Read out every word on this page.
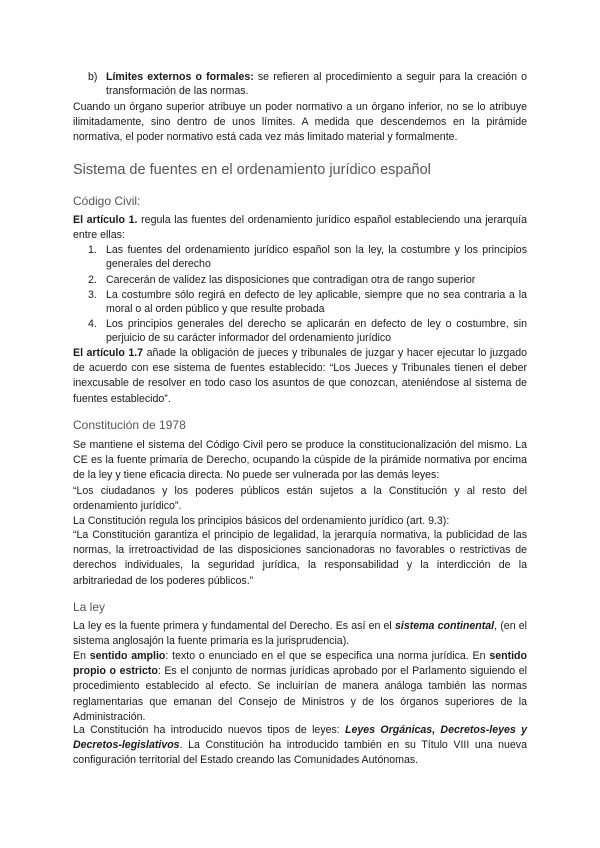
b) Límites externos o formales: se refieren al procedimiento a seguir para la creación o transformación de las normas.

Cuando un órgano superior atribuye un poder normativo a un órgano inferior, no se lo atribuye ilimitadamente, sino dentro de unos límites. A medida que descendemos en la pirámide normativa, el poder normativo está cada vez más limitado material y formalmente.

Sistema de fuentes en el ordenamiento jurídico español
Código Civil:

El artículo 1. regula las fuentes del ordenamiento jurídico español estableciendo una jerarquía entre ellas:

1. Las fuentes del ordenamiento jurídico español son la ley, la costumbre y los principios generales del derecho

2. Carecerán de validez las disposiciones que contradigan otra de rango superior

3. La costumbre sólo regirá en defecto de ley aplicable, siempre que no sea contraria a la moral o al orden público y que resulte probada

4. Los principios generales del derecho se aplicarán en defecto de ley o costumbre, sin perjuicio de su carácter informador del ordenamiento jurídico

El artículo 1.7 añade la obligación de jueces y tribunales de juzgar y hacer ejecutar lo juzgado de acuerdo con ese sistema de fuentes establecido: “Los Jueces y Tribunales tienen el deber inexcusable de resolver en todo caso los asuntos de que conozcan, ateniéndose al sistema de fuentes establecido”.

Constitución de 1978

Se mantiene el sistema del Código Civil pero se produce la constitucionalización del mismo. La CE es la fuente primaria de Derecho, ocupando la cúspide de la pirámide normativa por encima de la ley y tiene eficacia directa. No puede ser vulnerada por las demás leyes:

“Los ciudadanos y los poderes públicos están sujetos a la Constitución y al resto del ordenamiento jurídico”.

La Constitución regula los principios básicos del ordenamiento jurídico (art. 9.3):

“La Constitución garantiza el principio de legalidad, la jerarquía normativa, la publicidad de las normas, la irretroactividad de las disposiciones sancionadoras no favorables o restrictivas de derechos individuales, la seguridad jurídica, la responsabilidad y la interdicción de la arbitrariedad de los poderes públicos.”

La ley

La ley es la fuente primera y fundamental del Derecho. Es así en el sistema continental, (en el sistema anglosajón la fuente primaria es la jurisprudencia).

En sentido amplio: texto o enunciado en el que se especifica una norma jurídica. En sentido propio o estricto: Es el conjunto de normas jurídicas aprobado por el Parlamento siguiendo el procedimiento establecido al efecto. Se incluirían de manera análoga también las normas reglamentarias que emanan del Consejo de Ministros y de los órganos superiores de la Administración.

La Constitución ha introducido nuevos tipos de leyes: Leyes Orgánicas, Decretos-leyes y Decretos-legislativos. La Constitución ha introducido también en su Título VIII una nueva configuración territorial del Estado creando las Comunidades Autónomas.
